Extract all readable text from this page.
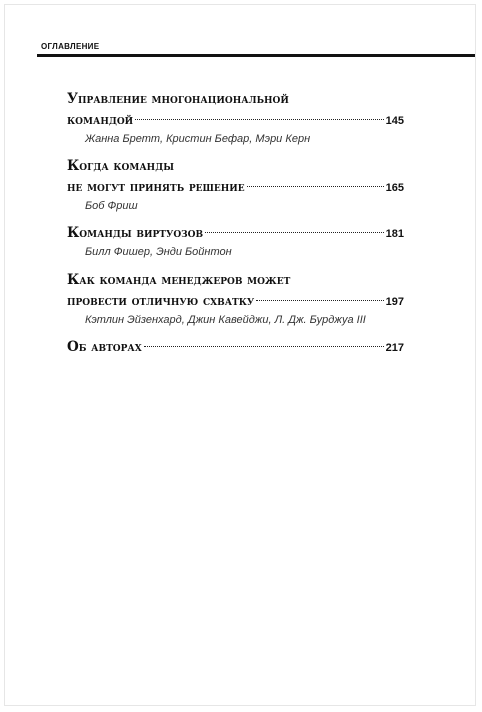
ОГЛАВЛЕНИЕ
Управление многонациональной
командой	145
Жанна Бретт, Кристин Бефар, Мэри Керн
Когда команды
не могут принять решение	165
Боб Фриш
Команды виртуозов	181
Билл Фишер, Энди Бойнтон
Как команда менеджеров может
провести отличную схватку	197
Кэтлин Эйзенхард, Джин Кавейджи, Л. Дж. Бурджуа III
Об авторах	217
